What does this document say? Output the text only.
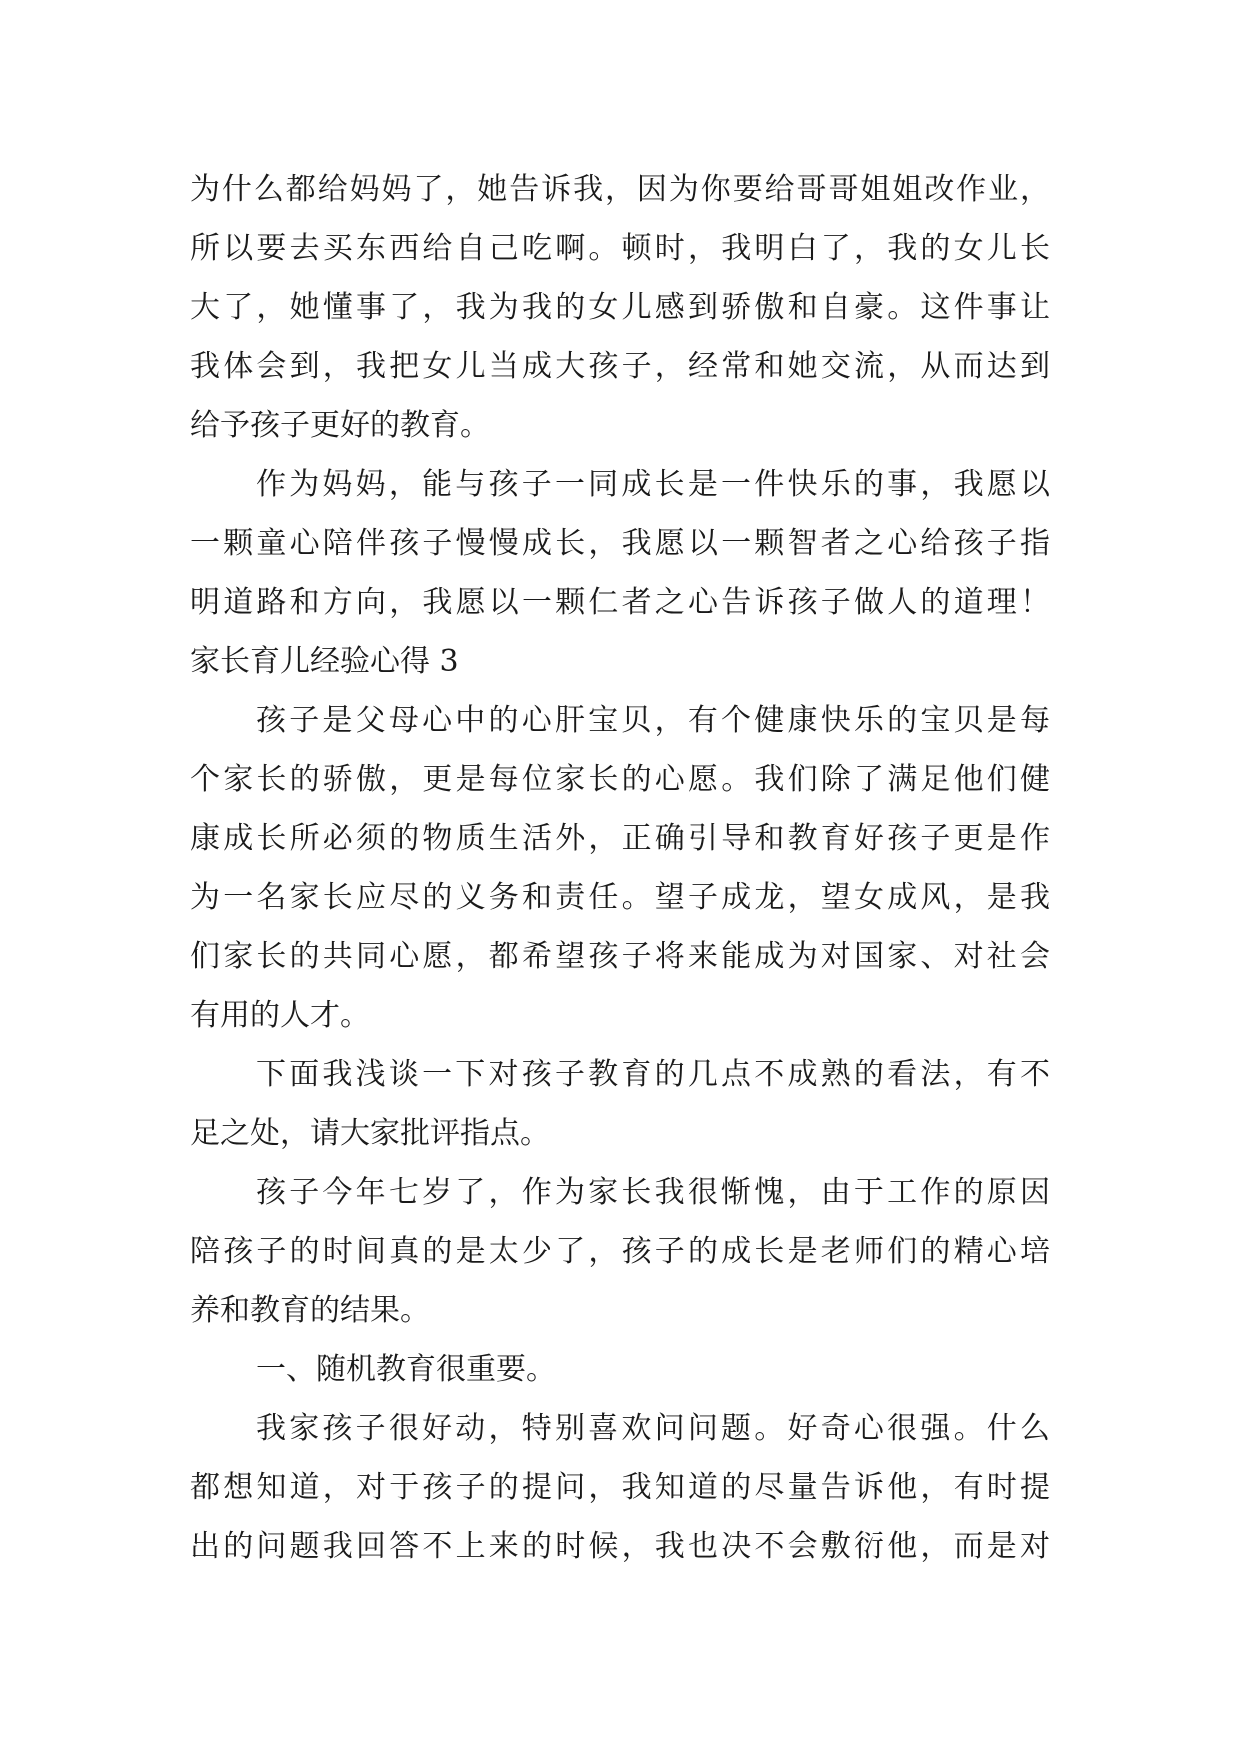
为什么都给妈妈了，她告诉我，因为你要给哥哥姐姐改作业，
所以要去买东西给自己吃啊。顿时，我明白了，我的女儿长
大了，她懂事了，我为我的女儿感到骄傲和自豪。这件事让
我体会到，我把女儿当成大孩子，经常和她交流，从而达到
给予孩子更好的教育。
作为妈妈，能与孩子一同成长是一件快乐的事，我愿以
一颗童心陪伴孩子慢慢成长，我愿以一颗智者之心给孩子指
明道路和方向，我愿以一颗仁者之心告诉孩子做人的道理！
家长育儿经验心得 3
孩子是父母心中的心肝宝贝，有个健康快乐的宝贝是每
个家长的骄傲，更是每位家长的心愿。我们除了满足他们健
康成长所必须的物质生活外，正确引导和教育好孩子更是作
为一名家长应尽的义务和责任。望子成龙，望女成风，是我
们家长的共同心愿，都希望孩子将来能成为对国家、对社会
有用的人才。
下面我浅谈一下对孩子教育的几点不成熟的看法，有不
足之处，请大家批评指点。
孩子今年七岁了，作为家长我很惭愧，由于工作的原因
陪孩子的时间真的是太少了，孩子的成长是老师们的精心培
养和教育的结果。
一、随机教育很重要。
我家孩子很好动，特别喜欢问问题。好奇心很强。什么
都想知道，对于孩子的提问，我知道的尽量告诉他，有时提
出的问题我回答不上来的时候，我也决不会敷衍他，而是对
